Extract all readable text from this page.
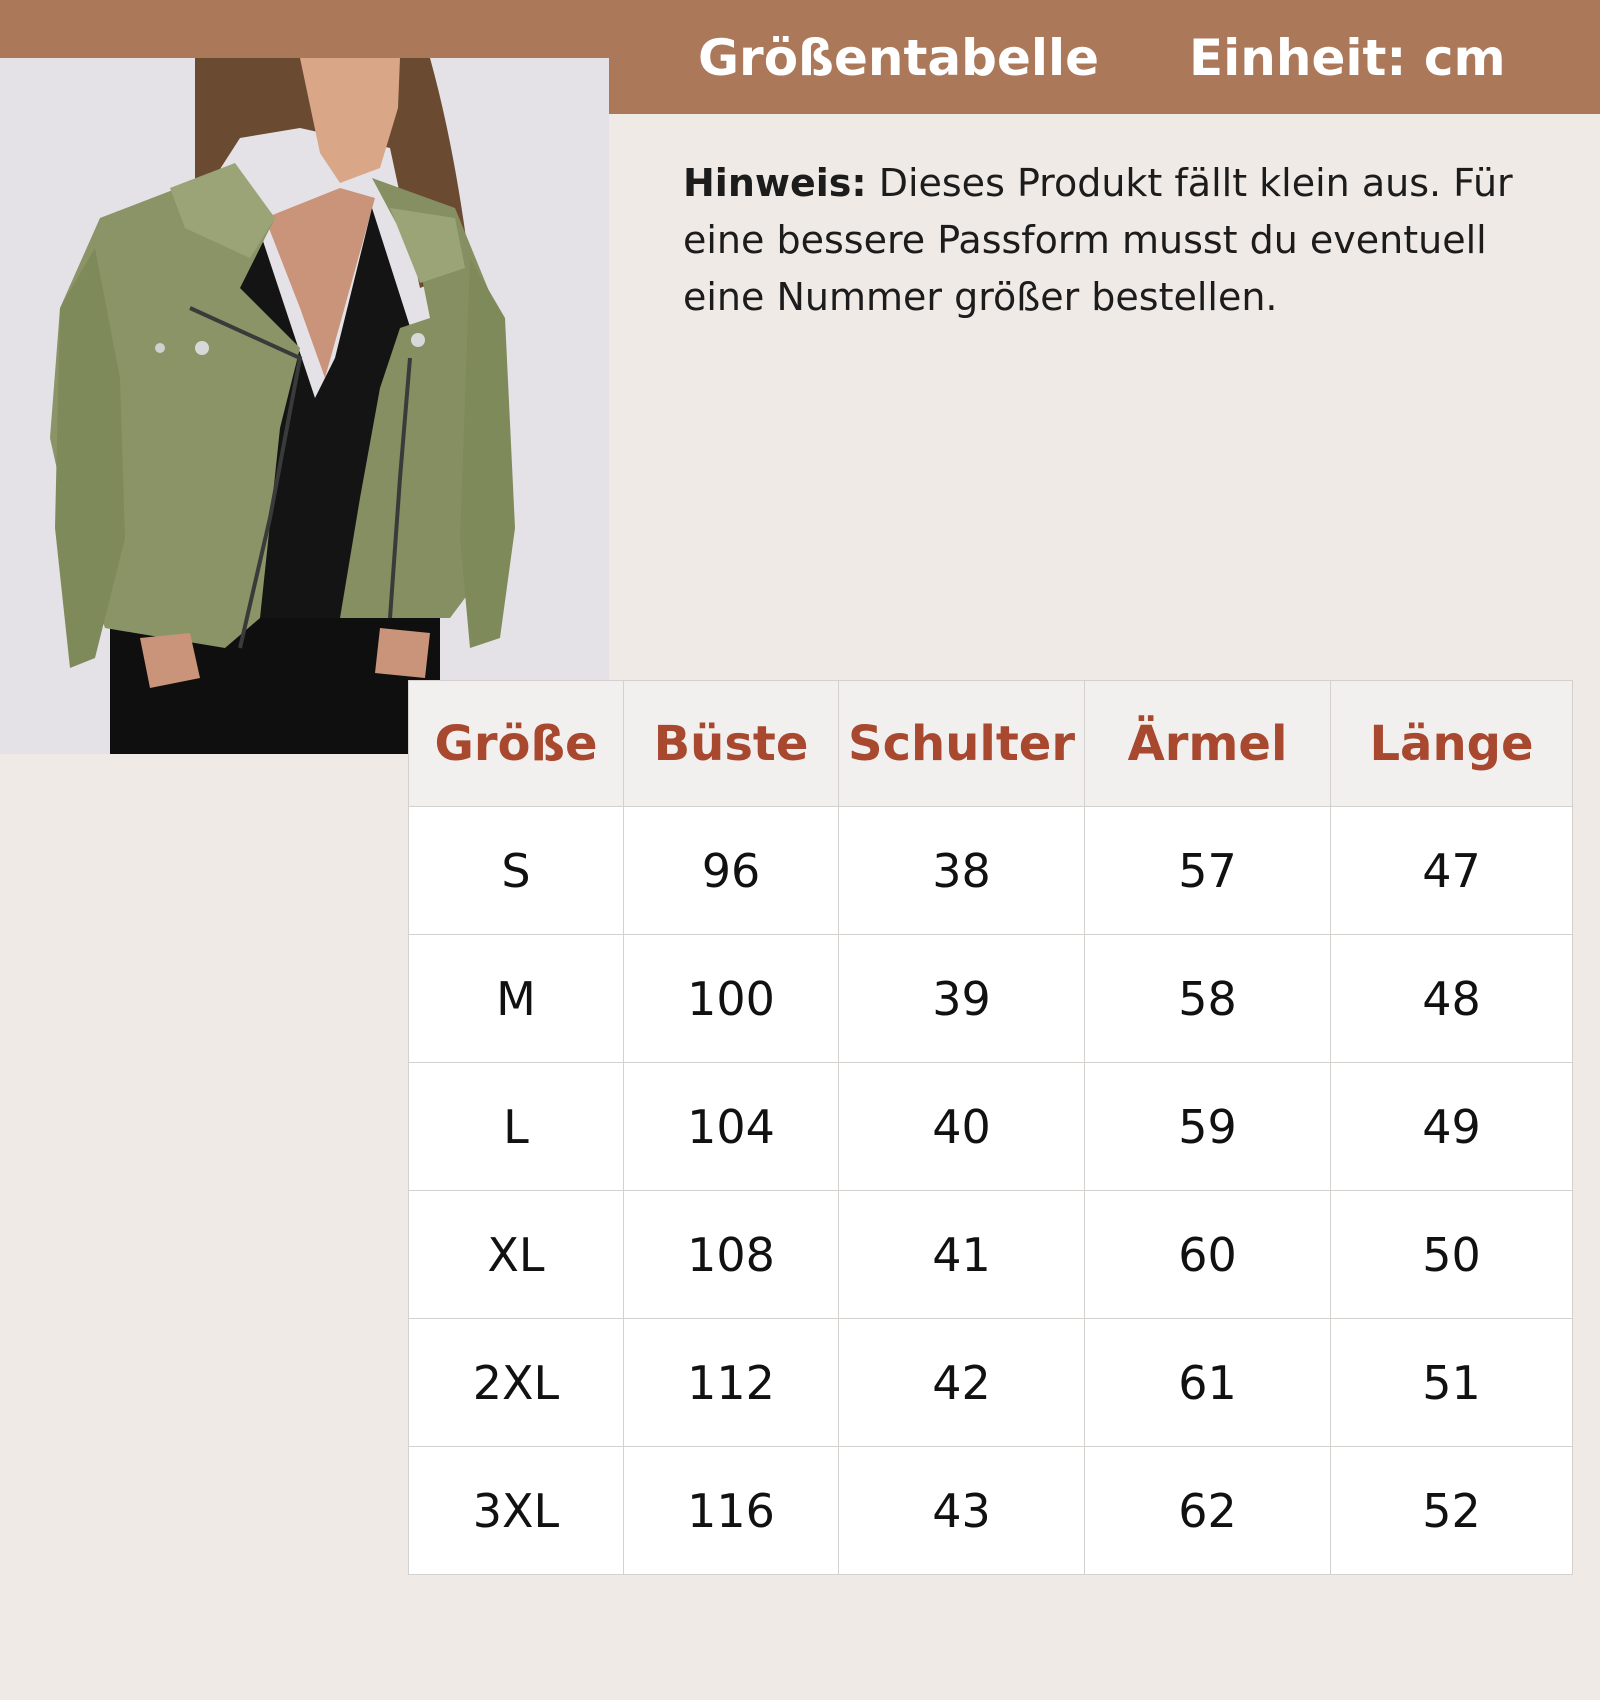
Größentabelle Einheit: cm
Hinweis: Dieses Produkt fällt klein aus. Für eine bessere Passform musst du eventuell eine Nummer größer bestellen.
Größe	Büste	Schulter	Ärmel	Länge
S	96	38	57	47
M	100	39	58	48
L	104	40	59	49
XL	108	41	60	50
2XL	112	42	61	51
3XL	116	43	62	52
